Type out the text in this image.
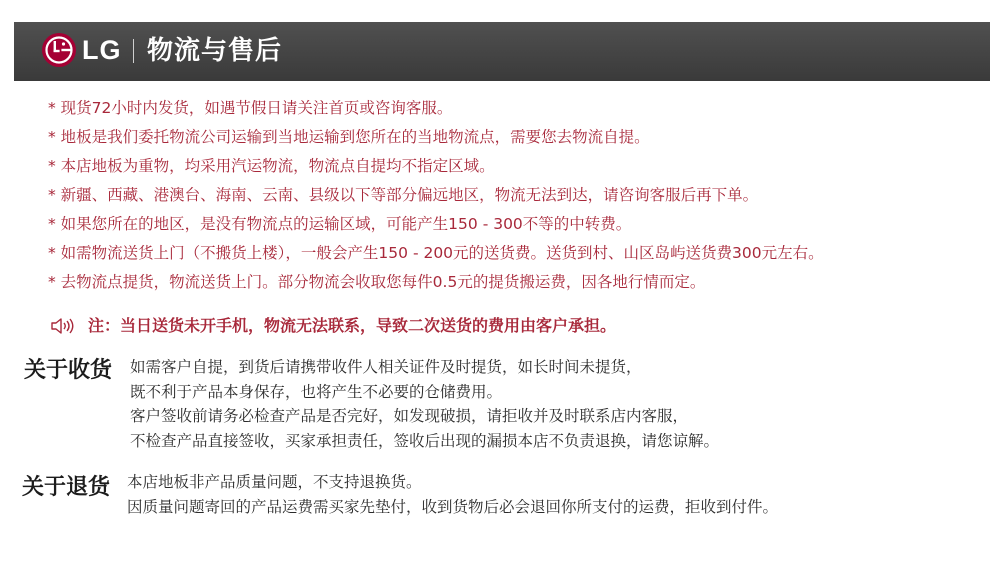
LG 物流与售后
* 现货72小时内发货，如遇节假日请关注首页或咨询客服。
* 地板是我们委托物流公司运输到当地运输到您所在的当地物流点，需要您去物流自提。
* 本店地板为重物，均采用汽运物流，物流点自提均不指定区域。
* 新疆、西藏、港澳台、海南、云南、县级以下等部分偏远地区，物流无法到达，请咨询客服后再下单。
* 如果您所在的地区，是没有物流点的运输区域，可能产生150 - 300不等的中转费。
* 如需物流送货上门（不搬货上楼），一般会产生150 - 200元的送货费。送货到村、山区岛屿送货费300元左右。
* 去物流点提货，物流送货上门。部分物流会收取您每件0.5元的提货搬运费，因各地行情而定。
注：当日送货未开手机，物流无法联系，导致二次送货的费用由客户承担。
关于收货 如需客户自提，到货后请携带收件人相关证件及时提货，如长时间未提货，
既不利于产品本身保存，也将产生不必要的仓储费用。
客户签收前请务必检查产品是否完好，如发现破损，请拒收并及时联系店内客服，
不检查产品直接签收，买家承担责任，签收后出现的漏损本店不负责退换，请您谅解。
关于退货 本店地板非产品质量问题，不支持退换货。
因质量问题寄回的产品运费需买家先垫付，收到货物后必会退回你所支付的运费，拒收到付件。
